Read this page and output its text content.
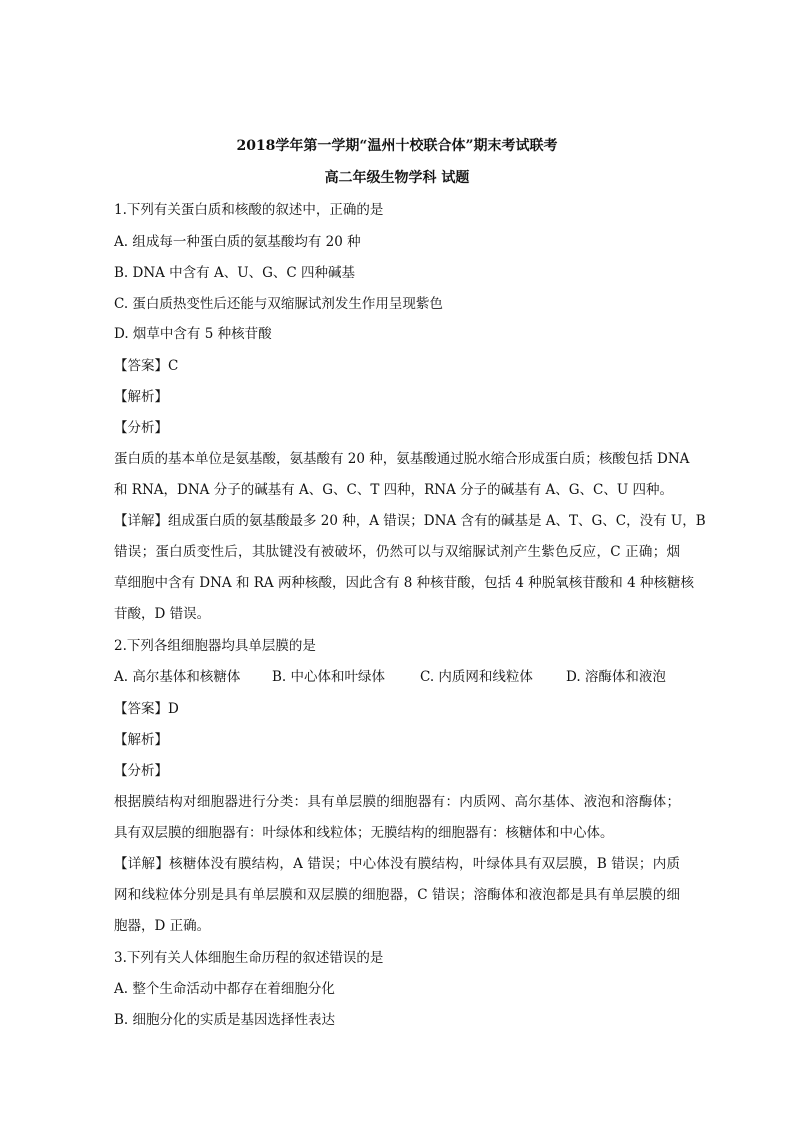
2018学年第一学期“温州十校联合体”期末考试联考
高二年级生物学科 试题
1.下列有关蛋白质和核酸的叙述中，正确的是
A. 组成每一种蛋白质的氨基酸均有 20 种
B. DNA 中含有 A、U、G、C 四种碱基
C. 蛋白质热变性后还能与双缩脲试剂发生作用呈现紫色
D. 烟草中含有 5 种核苷酸
【答案】C
【解析】
【分析】
蛋白质的基本单位是氨基酸，氨基酸有 20 种，氨基酸通过脱水缩合形成蛋白质；核酸包括 DNA
和 RNA，DNA 分子的碱基有 A、G、C、T 四种，RNA 分子的碱基有 A、G、C、U 四种。
【详解】组成蛋白质的氨基酸最多 20 种，A 错误；DNA 含有的碱基是 A、T、G、C，没有 U，B
错误；蛋白质变性后，其肽键没有被破坏，仍然可以与双缩脲试剂产生紫色反应，C 正确；烟
草细胞中含有 DNA 和 RA 两种核酸，因此含有 8 种核苷酸，包括 4 种脱氧核苷酸和 4 种核糖核
苷酸，D 错误。
2.下列各组细胞器均具单层膜的是
A. 高尔基体和核糖体 B. 中心体和叶绿体	C. 内质网和线粒体 D. 溶酶体和液泡
【答案】D
【解析】
【分析】
根据膜结构对细胞器进行分类：具有单层膜的细胞器有：内质网、高尔基体、液泡和溶酶体；
具有双层膜的细胞器有：叶绿体和线粒体；无膜结构的细胞器有：核糖体和中心体。
【详解】核糖体没有膜结构，A 错误；中心体没有膜结构，叶绿体具有双层膜，B 错误；内质
网和线粒体分别是具有单层膜和双层膜的细胞器，C 错误；溶酶体和液泡都是具有单层膜的细
胞器，D 正确。
3.下列有关人体细胞生命历程的叙述错误的是
A. 整个生命活动中都存在着细胞分化
B. 细胞分化的实质是基因选择性表达
